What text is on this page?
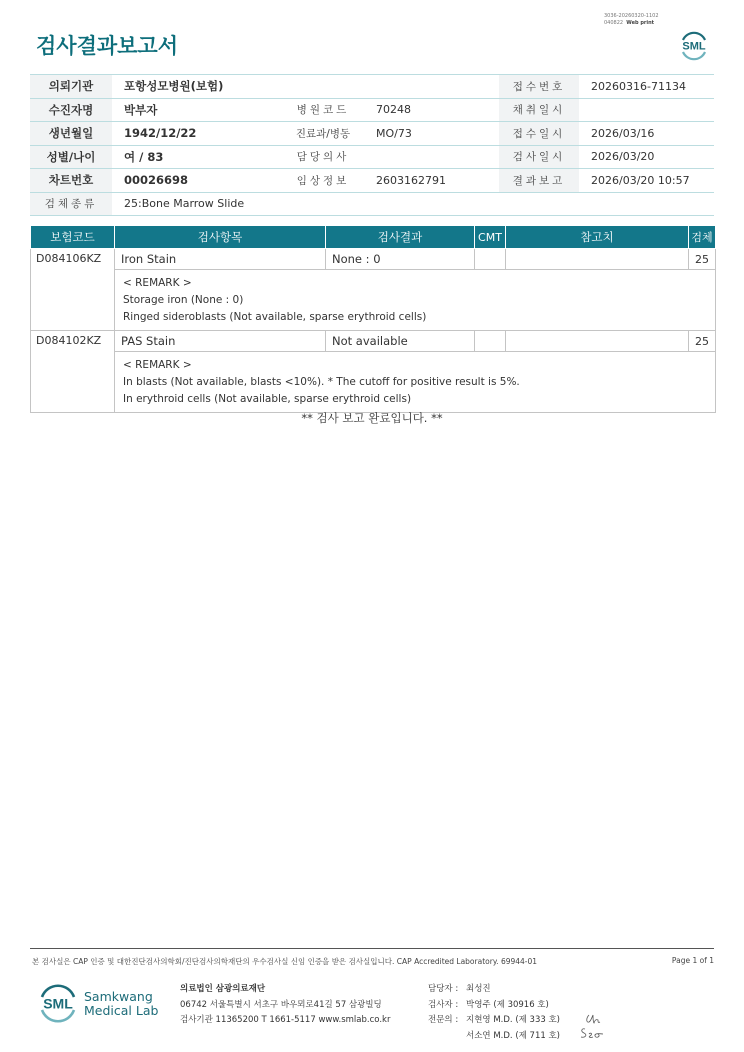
검사결과보고서
3036-20260320-1102
040822 Web print
SML
의뢰기관	포항성모병원(보험)			접수번호	20260316-71134
수진자명	박부자	병원코드	70248	채취일시	
생년월일	1942/12/22	진료과/병동	MO/73	접수일시	2026/03/16
성별/나이	여 / 83	담당의사		검사일시	2026/03/20
차트번호	00026698	임상정보	2603162791	결과보고	2026/03/20 10:57
검체종류	25:Bone Marrow Slide				
보험코드	검사항목	검사결과	CMT	참고치	검체
D084106KZ	Iron Stain	None : 0			25

	< REMARK >
Storage iron (None : 0)
Ringed sideroblasts (Not available, sparse erythroid cells)				

D084102KZ	PAS Stain	Not available			25

	< REMARK >
In blasts (Not available, blasts <10%). * The cutoff for positive result is 5%.
In erythroid cells (Not available, sparse erythroid cells)				
** 검사 보고 완료입니다. **
본 검사실은 CAP 인증 및 대한진단검사의학회/진단검사의학재단의 우수검사실 신임 인증을 받은 검사실입니다. CAP Accredited Laboratory. 69944-01	Page 1 of 1
SML Samkwang
Medical Lab
의료법인 삼광의료재단
06742 서울특별시 서초구 바우뫼로41길 57 삼광빌딩
검사기관 11365200 T 1661-5117 www.smlab.co.kr
담당자 : 최성진
검사자 : 박영주 (제 30916 호)
전문의 : 지현영 M.D. (제 333 호)
서소연 M.D. (제 711 호)
